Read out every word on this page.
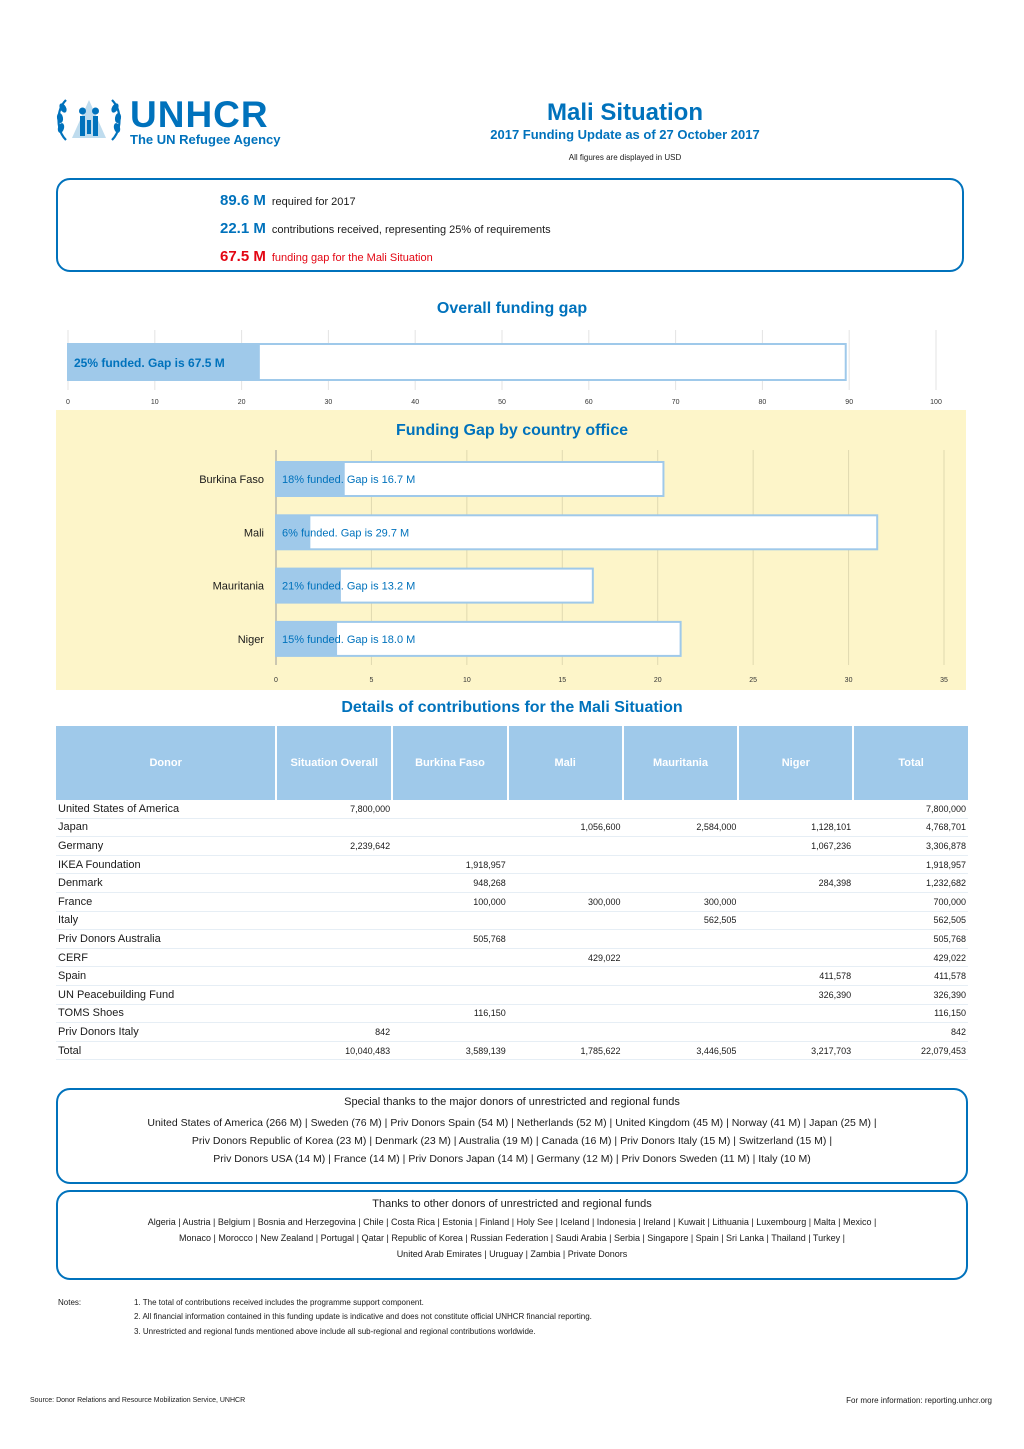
UNHCR
The UN Refugee Agency
Mali Situation
2017 Funding Update as of 27 October 2017
All figures are displayed in USD
89.6 M required for 2017
22.1 M contributions received, representing 25% of requirements
67.5 M funding gap for the Mali Situation
Overall funding gap
0	10	20	30	40	50	60	70	80	90	100
25% funded. Gap is 67.5 M
Funding Gap by country office
0	5	10	15	20	25	30	35
Burkina Faso 18% funded. Gap is 16.7 M
Mali 6% funded. Gap is 29.7 M
Mauritania 21% funded. Gap is 13.2 M
Niger 15% funded. Gap is 18.0 M
Details of contributions for the Mali Situation
Donor	Situation Overall	Burkina Faso	Mali	Mauritania	Niger	Total
United States of America	7,800,000					7,800,000
Japan			1,056,600	2,584,000	1,128,101	4,768,701
Germany	2,239,642				1,067,236	3,306,878
IKEA Foundation		1,918,957				1,918,957
Denmark		948,268			284,398	1,232,682
France		100,000	300,000	300,000		700,000
Italy				562,505		562,505
Priv Donors Australia		505,768				505,768
CERF			429,022			429,022
Spain					411,578	411,578
UN Peacebuilding Fund					326,390	326,390
TOMS Shoes		116,150				116,150
Priv Donors Italy	842					842
Total	10,040,483	3,589,139	1,785,622	3,446,505	3,217,703	22,079,453
Special thanks to the major donors of unrestricted and regional funds
United States of America (266 M) | Sweden (76 M) | Priv Donors Spain (54 M) | Netherlands (52 M) | United Kingdom (45 M) | Norway (41 M) | Japan (25 M) |
Priv Donors Republic of Korea (23 M) | Denmark (23 M) | Australia (19 M) | Canada (16 M) | Priv Donors Italy (15 M) | Switzerland (15 M) |
Priv Donors USA (14 M) | France (14 M) | Priv Donors Japan (14 M) | Germany (12 M) | Priv Donors Sweden (11 M) | Italy (10 M)
Thanks to other donors of unrestricted and regional funds
Algeria | Austria | Belgium | Bosnia and Herzegovina | Chile | Costa Rica | Estonia | Finland | Holy See | Iceland | Indonesia | Ireland | Kuwait | Lithuania | Luxembourg | Malta | Mexico |
Monaco | Morocco | New Zealand | Portugal | Qatar | Republic of Korea | Russian Federation | Saudi Arabia | Serbia | Singapore | Spain | Sri Lanka | Thailand | Turkey |
United Arab Emirates | Uruguay | Zambia | Private Donors
Notes:	1. The total of contributions received includes the programme support component.
2. All financial information contained in this funding update is indicative and does not constitute official UNHCR financial reporting.
3. Unrestricted and regional funds mentioned above include all sub-regional and regional contributions worldwide.
Source: Donor Relations and Resource Mobilization Service, UNHCR	For more information: reporting.unhcr.org
